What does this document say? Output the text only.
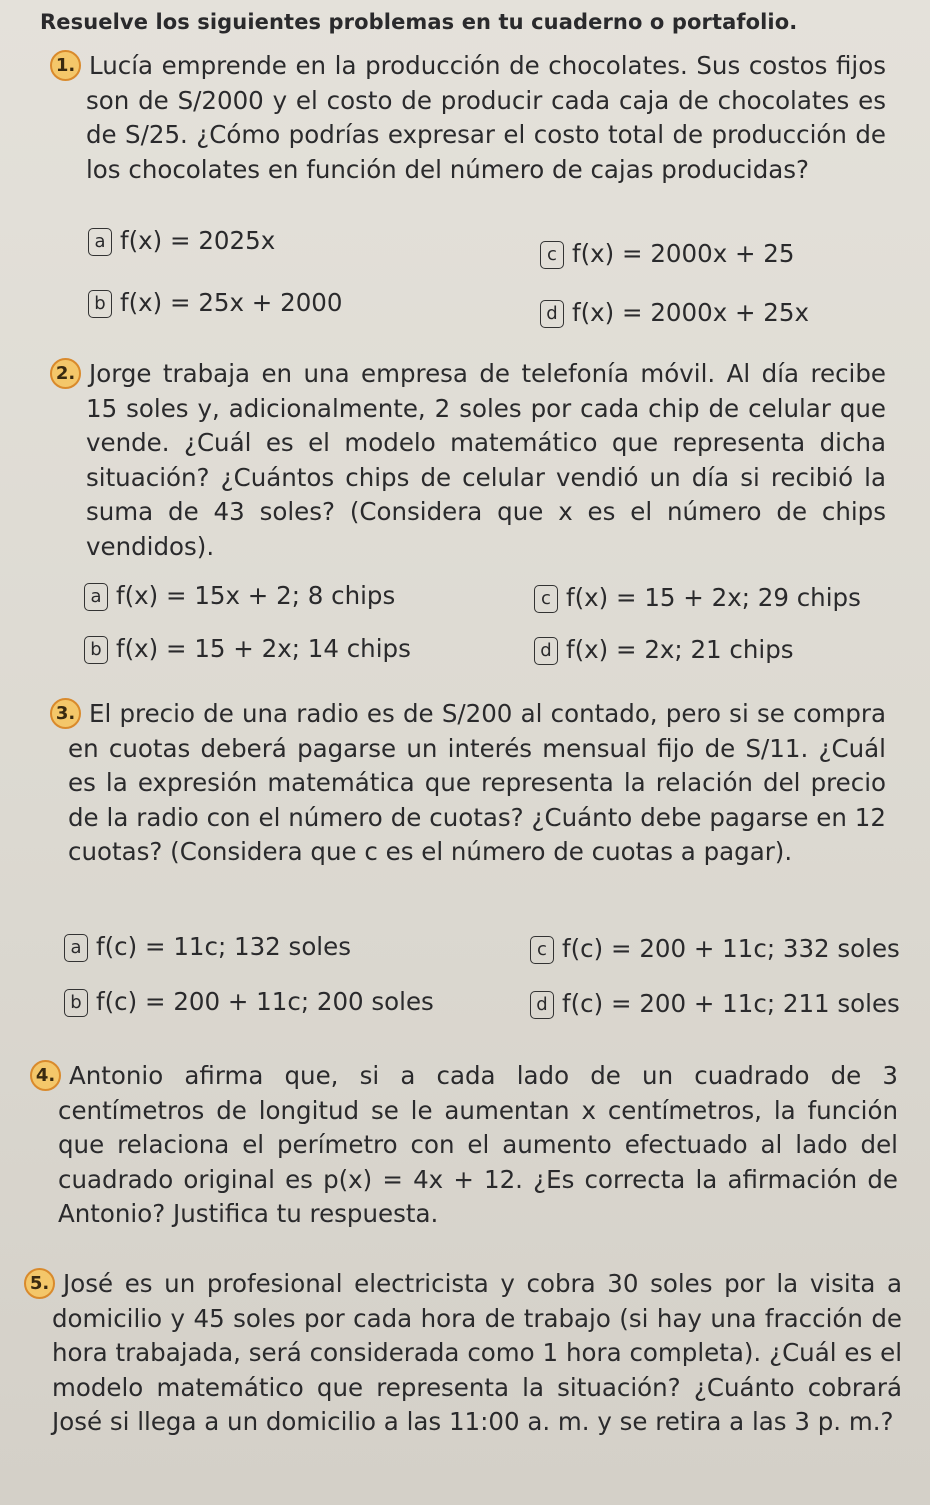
Resuelve los siguientes problemas en tu cuaderno o portafolio.

1. Lucía emprende en la producción de chocolates. Sus costos fijos son de S/2000 y el costo de producir cada caja de chocolates es de S/25. ¿Cómo podrías expresar el costo total de producción de los chocolates en función del número de cajas producidas?

a f(x) = 2025x
b f(x) = 25x + 2000
c f(x) = 2000x + 25
d f(x) = 2000x + 25x

2. Jorge trabaja en una empresa de telefonía móvil. Al día recibe 15 soles y, adicionalmente, 2 soles por cada chip de celular que vende. ¿Cuál es el modelo matemático que representa dicha situación? ¿Cuántos chips de celular vendió un día si recibió la suma de 43 soles? (Considera que x es el número de chips vendidos).

a f(x) = 15x + 2; 8 chips
b f(x) = 15 + 2x; 14 chips
c f(x) = 15 + 2x; 29 chips
d f(x) = 2x; 21 chips

3. El precio de una radio es de S/200 al contado, pero si se compra en cuotas deberá pagarse un interés mensual fijo de S/11. ¿Cuál es la expresión matemática que representa la relación del precio de la radio con el número de cuotas? ¿Cuánto debe pagarse en 12 cuotas? (Considera que c es el número de cuotas a pagar).

a f(c) = 11c; 132 soles
b f(c) = 200 + 11c; 200 soles
c f(c) = 200 + 11c; 332 soles
d f(c) = 200 + 11c; 211 soles

4. Antonio afirma que, si a cada lado de un cuadrado de 3 centímetros de longitud se le aumentan x centímetros, la función que relaciona el perímetro con el aumento efectuado al lado del cuadrado original es p(x) = 4x + 12. ¿Es correcta la afirmación de Antonio? Justifica tu respuesta.

5. José es un profesional electricista y cobra 30 soles por la visita a domicilio y 45 soles por cada hora de trabajo (si hay una fracción de hora trabajada, será considerada como 1 hora completa). ¿Cuál es el modelo matemático que representa la situación? ¿Cuánto cobrará José si llega a un domicilio a las 11:00 a. m. y se retira a las 3 p. m.?
